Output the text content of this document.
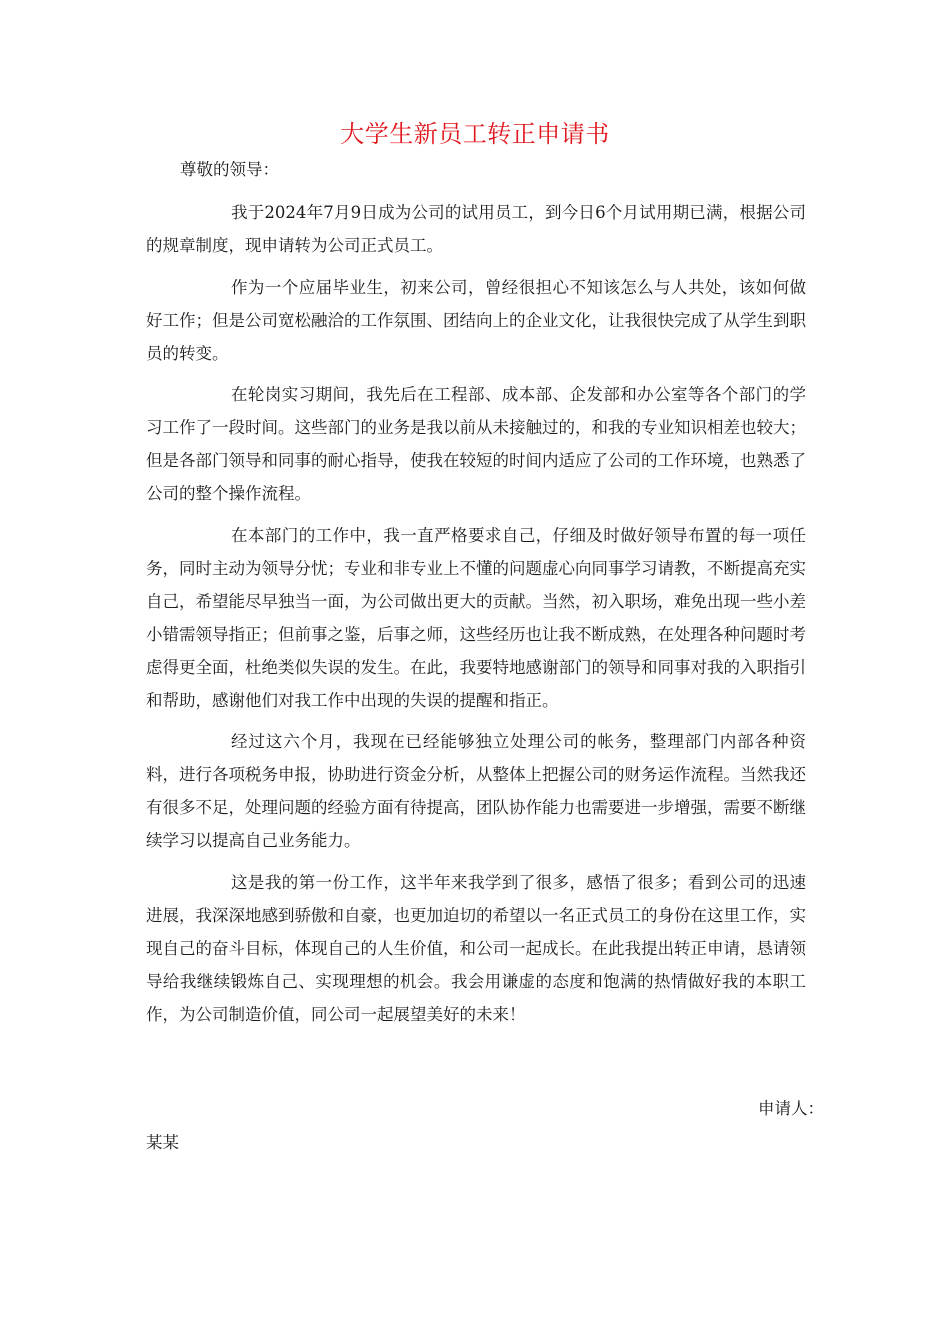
大学生新员工转正申请书
尊敬的领导：

我于2024年7月9日成为公司的试用员工，到今日6个月试用期已满，根据公司的规章制度，现申请转为公司正式员工。

作为一个应届毕业生，初来公司，曾经很担心不知该怎么与人共处，该如何做好工作；但是公司宽松融洽的工作氛围、团结向上的企业文化，让我很快完成了从学生到职员的转变。

在轮岗实习期间，我先后在工程部、成本部、企发部和办公室等各个部门的学习工作了一段时间。这些部门的业务是我以前从未接触过的，和我的专业知识相差也较大；但是各部门领导和同事的耐心指导，使我在较短的时间内适应了公司的工作环境，也熟悉了公司的整个操作流程。

在本部门的工作中，我一直严格要求自己，仔细及时做好领导布置的每一项任务，同时主动为领导分忧；专业和非专业上不懂的问题虚心向同事学习请教，不断提高充实自己，希望能尽早独当一面，为公司做出更大的贡献。当然，初入职场，难免出现一些小差小错需领导指正；但前事之鉴，后事之师，这些经历也让我不断成熟，在处理各种问题时考虑得更全面，杜绝类似失误的发生。在此，我要特地感谢部门的领导和同事对我的入职指引和帮助，感谢他们对我工作中出现的失误的提醒和指正。

经过这六个月，我现在已经能够独立处理公司的帐务，整理部门内部各种资料，进行各项税务申报，协助进行资金分析，从整体上把握公司的财务运作流程。当然我还有很多不足，处理问题的经验方面有待提高，团队协作能力也需要进一步增强，需要不断继续学习以提高自己业务能力。

这是我的第一份工作，这半年来我学到了很多，感悟了很多；看到公司的迅速进展，我深深地感到骄傲和自豪，也更加迫切的希望以一名正式员工的身份在这里工作，实现自己的奋斗目标，体现自己的人生价值，和公司一起成长。在此我提出转正申请，恳请领导给我继续锻炼自己、实现理想的机会。我会用谦虚的态度和饱满的热情做好我的本职工作，为公司制造价值，同公司一起展望美好的未来！

申请人：
某某
